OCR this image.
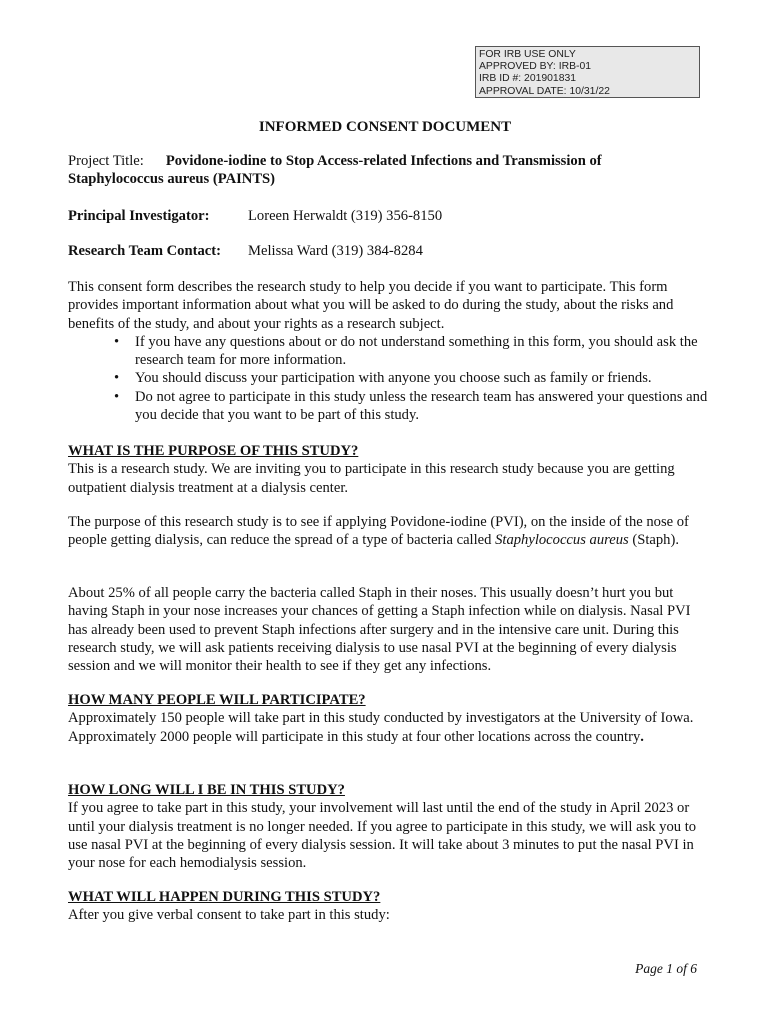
FOR IRB USE ONLY
APPROVED BY: IRB-01
IRB ID #: 201901831
APPROVAL DATE: 10/31/22
INFORMED CONSENT DOCUMENT
Project Title: Povidone-iodine to Stop Access-related Infections and Transmission of
Staphylococcus aureus (PAINTS)
Principal Investigator:	Loreen Herwaldt (319) 356-8150
Research Team Contact: Melissa Ward (319) 384-8284

This consent form describes the research study to help you decide if you want to participate. This form provides important information about what you will be asked to do during the study, about the risks and benefits of the study, and about your rights as a research subject.

• If you have any questions about or do not understand something in this form, you should ask the research team for more information.
• You should discuss your participation with anyone you choose such as family or friends.
• Do not agree to participate in this study unless the research team has answered your questions and you decide that you want to be part of this study.

WHAT IS THE PURPOSE OF THIS STUDY?

This is a research study. We are inviting you to participate in this research study because you are getting outpatient dialysis treatment at a dialysis center.

The purpose of this research study is to see if applying Povidone-iodine (PVI), on the inside of the nose of people getting dialysis, can reduce the spread of a type of bacteria called Staphylococcus aureus (Staph).

About 25% of all people carry the bacteria called Staph in their noses. This usually doesn’t hurt you but having Staph in your nose increases your chances of getting a Staph infection while on dialysis. Nasal PVI has already been used to prevent Staph infections after surgery and in the intensive care unit. During this research study, we will ask patients receiving dialysis to use nasal PVI at the beginning of every dialysis session and we will monitor their health to see if they get any infections.

HOW MANY PEOPLE WILL PARTICIPATE?

Approximately 150 people will take part in this study conducted by investigators at the University of Iowa. Approximately 2000 people will participate in this study at four other locations across the country.

HOW LONG WILL I BE IN THIS STUDY?

If you agree to take part in this study, your involvement will last until the end of the study in April 2023 or until your dialysis treatment is no longer needed. If you agree to participate in this study, we will ask you to use nasal PVI at the beginning of every dialysis session. It will take about 3 minutes to put the nasal PVI in your nose for each hemodialysis session.

WHAT WILL HAPPEN DURING THIS STUDY?

After you give verbal consent to take part in this study:

Page 1 of 6
